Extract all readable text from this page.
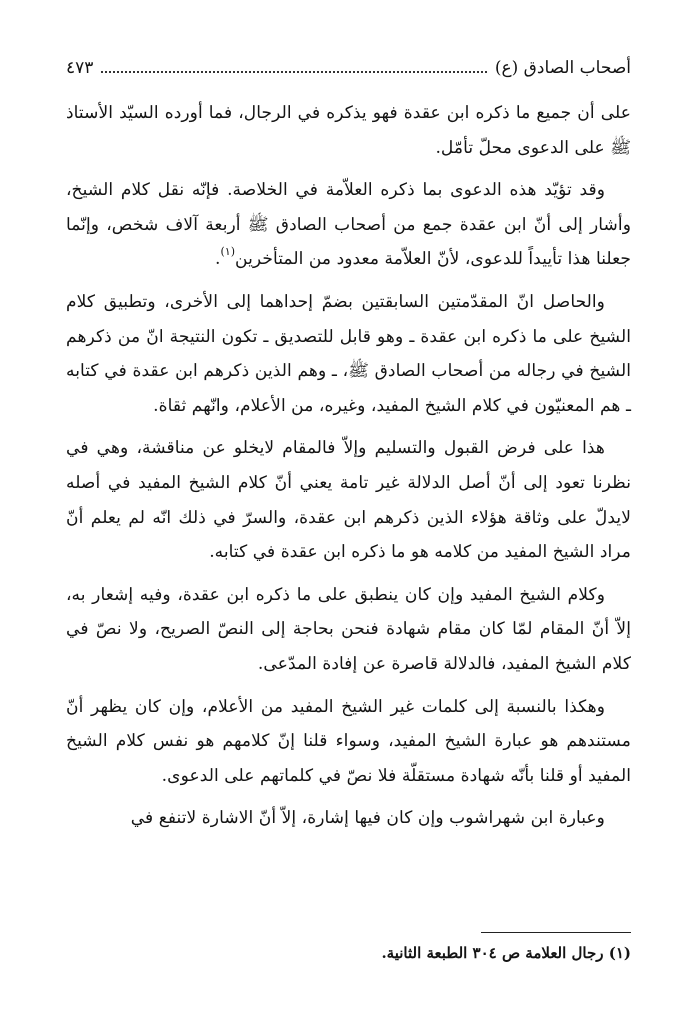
أصحاب الصادق (ع)
٤٧٣

على أن جميع ما ذكره ابن عقدة فهو يذكره في الرجال، فما أورده السيّد الأستاذ ﷺ على الدعوى محلّ تأمّل.

وقد تؤيّد هذه الدعوى بما ذكره العلاّمة في الخلاصة. فإنّه نقل كلام الشيخ، وأشار إلى أنّ ابن عقدة جمع من أصحاب الصادق ﷺ أربعة آلاف شخص، وإنّما جعلنا هذا تأييداً للدعوى، لأنّ العلاّمة معدود من المتأخرين$^{(١)}$.

والحاصل انّ المقدّمتين السابقتين بضمّ إحداهما إلى الأخرى، وتطبيق كلام الشيخ على ما ذكره ابن عقدة ـ وهو قابل للتصديق ـ تكون النتيجة انّ من ذكرهم الشيخ في رجاله من أصحاب الصادق ﷺ، ـ وهم الذين ذكرهم ابن عقدة في كتابه ـ هم المعنيّون في كلام الشيخ المفيد، وغيره، من الأعلام، وانّهم ثقاة.

هذا على فرض القبول والتسليم وإلاّ فالمقام لايخلو عن مناقشة، وهي في نظرنا تعود إلى أنّ أصل الدلالة غير تامة يعني أنّ كلام الشيخ المفيد في أصله لايدلّ على وثاقة هؤلاء الذين ذكرهم ابن عقدة، والسرّ في ذلك انّه لم يعلم أنّ مراد الشيخ المفيد من كلامه هو ما ذكره ابن عقدة في كتابه.

وكلام الشيخ المفيد وإن كان ينطبق على ما ذكره ابن عقدة، وفيه إشعار به، إلاّ أنّ المقام لمّا كان مقام شهادة فنحن بحاجة إلى النصّ الصريح، ولا نصّ في كلام الشيخ المفيد، فالدلالة قاصرة عن إفادة المدّعى.

وهكذا بالنسبة إلى كلمات غير الشيخ المفيد من الأعلام، وإن كان يظهر أنّ مستندهم هو عبارة الشيخ المفيد، وسواء قلنا إنّ كلامهم هو نفس كلام الشيخ المفيد أو قلنا بأنّه شهادة مستقلّة فلا نصّ في كلماتهم على الدعوى.

وعبارة ابن شهراشوب وإن كان فيها إشارة، إلاّ أنّ الاشارة لاتنفع في

(١) رجال العلامة ص ٣٠٤ الطبعة الثانية.
